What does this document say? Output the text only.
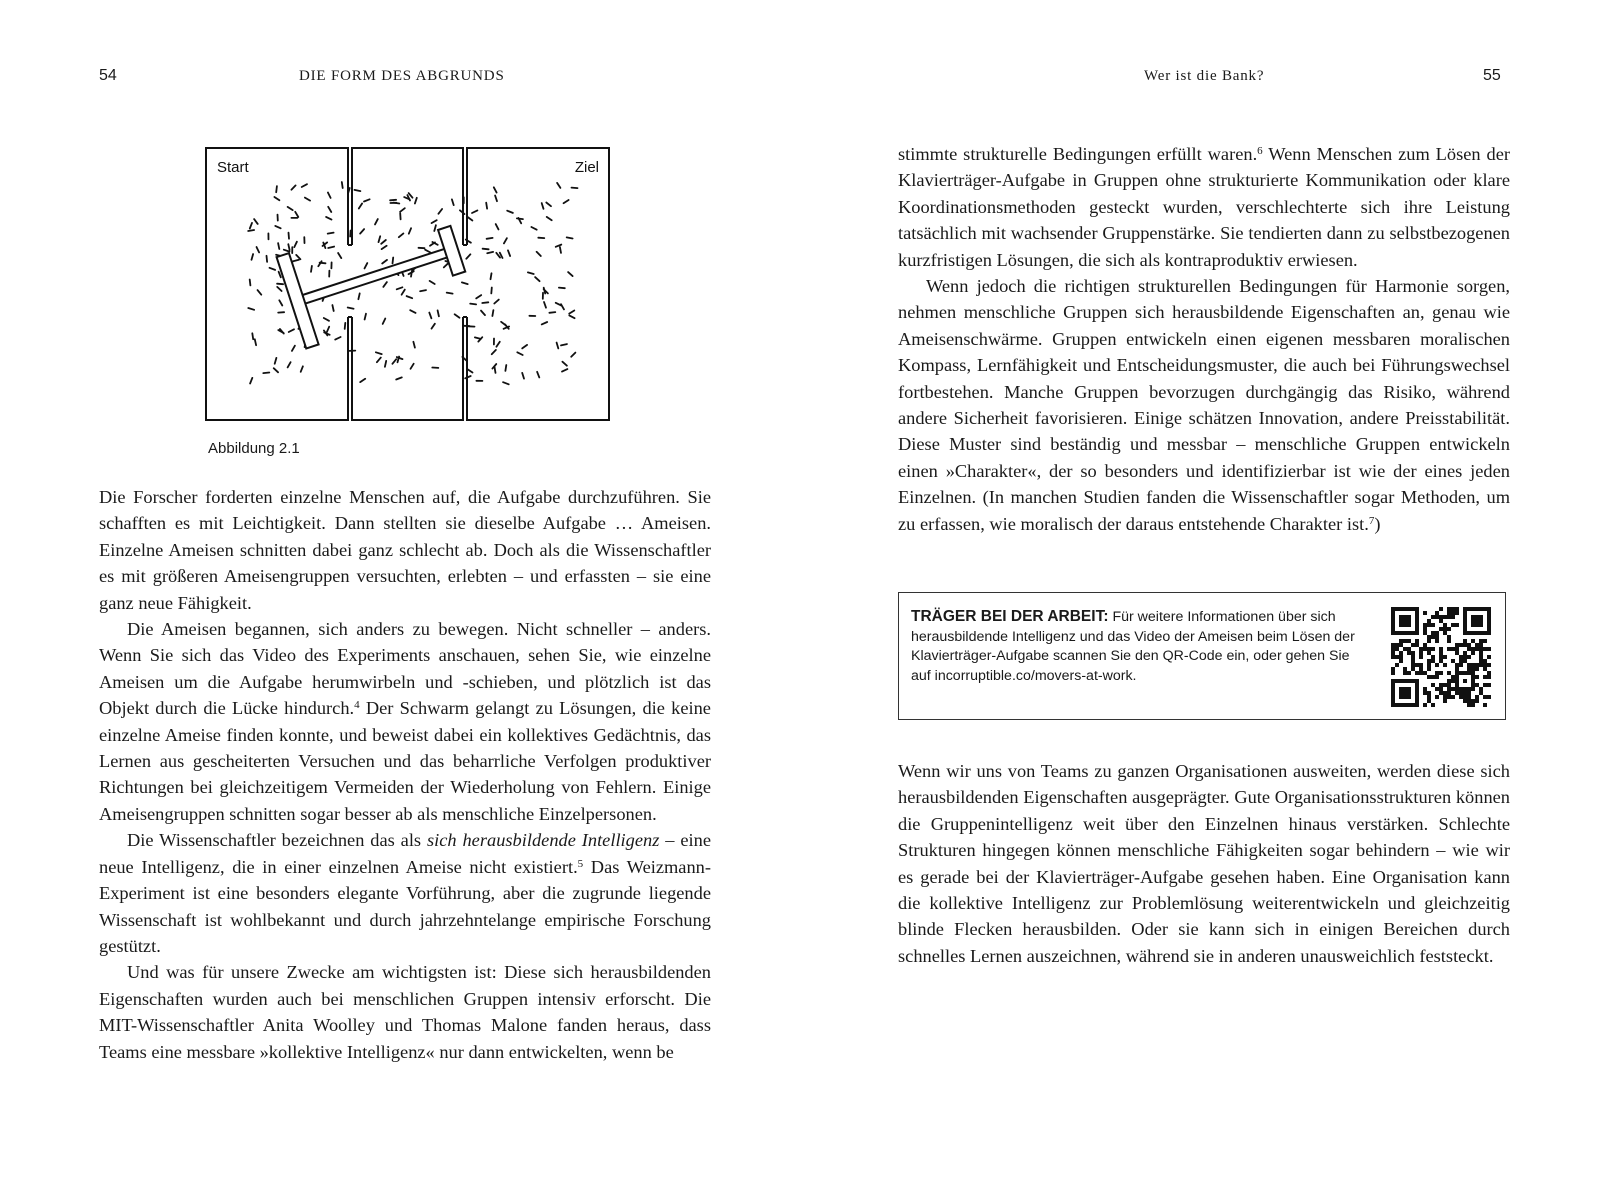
54	DIE FORM DES ABGRUNDS
Start	Ziel
Abbildung 2.1

Die Forscher forderten einzelne Menschen auf, die Aufgabe durchzuführen. Sie schafften es mit Leichtigkeit. Dann stellten sie dieselbe Aufgabe … Ameisen. Einzelne Ameisen schnitten dabei ganz schlecht ab. Doch als die Wissenschaftler es mit größeren Ameisengruppen versuchten, erlebten – und erfassten – sie eine ganz neue Fähigkeit.

Die Ameisen begannen, sich anders zu bewegen. Nicht schneller – anders. Wenn Sie sich das Video des Experiments anschauen, sehen Sie, wie einzelne Ameisen um die Aufgabe herumwirbeln und -schieben, und plötzlich ist das Objekt durch die Lücke hindurch.$^4$ Der Schwarm gelangt zu Lösungen, die keine einzelne Ameise finden konnte, und beweist dabei ein kollektives Gedächtnis, das Lernen aus gescheiterten Versuchen und das beharrliche Verfolgen produktiver Richtungen bei gleichzeitigem Vermeiden der Wiederholung von Fehlern. Einige Ameisengruppen schnitten sogar besser ab als menschliche Einzelpersonen.

Die Wissenschaftler bezeichnen das als sich herausbildende Intelligenz – eine neue Intelligenz, die in einer einzelnen Ameise nicht existiert.$^5$ Das Weizmann-Experiment ist eine besonders elegante Vorführung, aber die zugrunde liegende Wissenschaft ist wohlbekannt und durch jahrzehntelange empirische Forschung gestützt.

Und was für unsere Zwecke am wichtigsten ist: Diese sich herausbildenden Eigenschaften wurden auch bei menschlichen Gruppen intensiv erforscht. Die MIT-Wissenschaftler Anita Woolley und Thomas Malone fanden heraus, dass Teams eine messbare »kollektive Intelligenz« nur dann entwickelten, wenn be

Wer ist die Bank?	55

stimmte strukturelle Bedingungen erfüllt waren.$^6$ Wenn Menschen zum Lösen der Klavierträger-Aufgabe in Gruppen ohne strukturierte Kommunikation oder klare Koordinationsmethoden gesteckt wurden, verschlechterte sich ihre Leistung tatsächlich mit wachsender Gruppenstärke. Sie tendierten dann zu selbstbezogenen kurzfristigen Lösungen, die sich als kontraproduktiv erwiesen.

Wenn jedoch die richtigen strukturellen Bedingungen für Harmonie sorgen, nehmen menschliche Gruppen sich herausbildende Eigenschaften an, genau wie Ameisenschwärme. Gruppen entwickeln einen eigenen messbaren moralischen Kompass, Lernfähigkeit und Entscheidungsmuster, die auch bei Führungswechsel fortbestehen. Manche Gruppen bevorzugen durchgängig das Risiko, während andere Sicherheit favorisieren. Einige schätzen Innovation, andere Preisstabilität. Diese Muster sind beständig und messbar – menschliche Gruppen entwickeln einen »Charakter«, der so besonders und identifizierbar ist wie der eines jeden Einzelnen. (In manchen Studien fanden die Wissenschaftler sogar Methoden, um zu erfassen, wie moralisch der daraus entstehende Charakter ist.$^7$)

TRÄGER BEI DER ARBEIT: Für weitere Informationen über sich herausbildende Intelligenz und das Video der Ameisen beim Lösen der Klavierträger-Aufgabe scannen Sie den QR-Code ein, oder gehen Sie auf incorruptible.co/movers-at-work.

Wenn wir uns von Teams zu ganzen Organisationen ausweiten, werden diese sich herausbildenden Eigenschaften ausgeprägter. Gute Organisationsstrukturen können die Gruppenintelligenz weit über den Einzelnen hinaus verstärken. Schlechte Strukturen hingegen können menschliche Fähigkeiten sogar behindern – wie wir es gerade bei der Klavierträger-Aufgabe gesehen haben. Eine Organisation kann die kollektive Intelligenz zur Problemlösung weiterentwickeln und gleichzeitig blinde Flecken herausbilden. Oder sie kann sich in einigen Bereichen durch schnelles Lernen auszeichnen, während sie in anderen unausweichlich feststeckt.
